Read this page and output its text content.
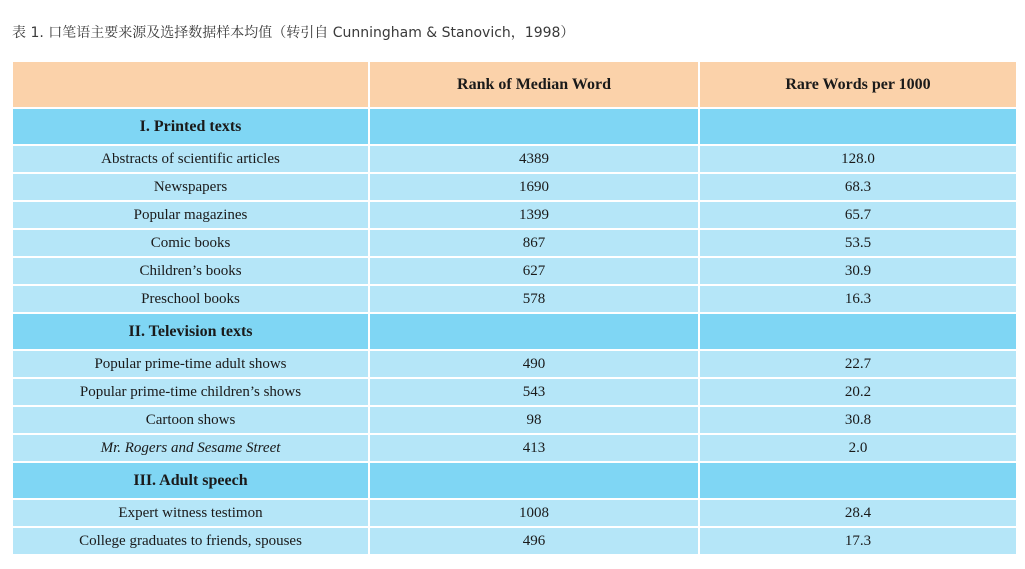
表 1. 口笔语主要来源及选择数据样本均值（转引自 Cunningham & Stanovich，1998）
	Rank of Median Word	Rare Words per 1000
I. Printed texts		
Abstracts of scientific articles	4389	128.0
Newspapers	1690	68.3
Popular magazines	1399	65.7
Comic books	867	53.5
Children’s books	627	30.9
Preschool books	578	16.3
II. Television texts		
Popular prime-time adult shows	490	22.7
Popular prime-time children’s shows	543	20.2
Cartoon shows	98	30.8
Mr. Rogers and Sesame Street	413	2.0
III. Adult speech		
Expert witness testimon	1008	28.4
College graduates to friends, spouses	496	17.3
